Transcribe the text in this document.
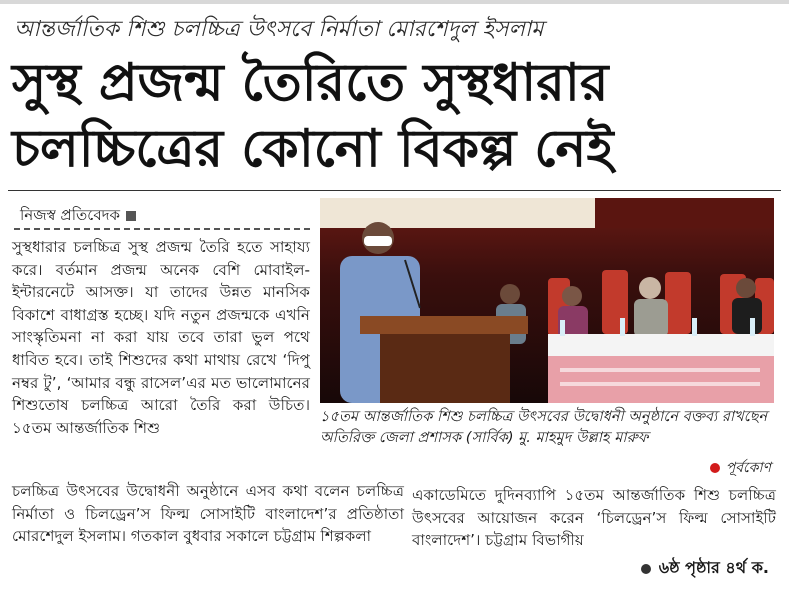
আন্তর্জাতিক শিশু চলচ্চিত্র উৎসবে নির্মাতা মোরশেদুল ইসলাম
সুস্থ প্রজন্ম তৈরিতে সুস্থধারার
চলচ্চিত্রের কোনো বিকল্প নেই
নিজস্ব প্রতিবেদক

সুস্থধারার চলচ্চিত্র সুস্থ প্রজন্ম তৈরি হতে সাহায্য করে। বর্তমান প্রজন্ম অনেক বেশি মোবাইল-ইন্টারনেটে আসক্ত। যা তাদের উন্নত মানসিক বিকাশে বাধাগ্রস্ত হচ্ছে। যদি নতুন প্রজন্মকে এখনি সাংস্কৃতিমনা না করা যায় তবে তারা ভুল পথে ধাবিত হবে। তাই শিশুদের কথা মাথায় রেখে ‘দিপু নম্বর টু’, ‘আমার বন্ধু রাসেল’এর মত ভালোমানের শিশুতোষ চলচ্চিত্র আরো তৈরি করা উচিত। ১৫তম আন্তর্জাতিক শিশু

১৫তম আন্তর্জাতিক শিশু চলচ্চিত্র উৎসবের উদ্বোধনী অনুষ্ঠানে বক্তব্য রাখছেন অতিরিক্ত জেলা প্রশাসক (সার্বিক) মু. মাহমুদ উল্লাহ মারুফ
পূর্বকোণ
চলচ্চিত্র উৎসবের উদ্বোধনী অনুষ্ঠানে এসব কথা বলেন চলচ্চিত্র নির্মাতা ও চিলড্রেন’স ফিল্ম সোসাইটি বাংলাদেশ’র প্রতিষ্ঠাতা মোরশেদুল ইসলাম। গতকাল বুধবার সকালে চট্টগ্রাম শিল্পকলা
একাডেমিতে দুদিনব্যাপি ১৫তম আন্তর্জাতিক শিশু চলচ্চিত্র উৎসবের আয়োজন করেন ‘চিলড্রেন’স ফিল্ম সোসাইটি বাংলাদেশ’। চট্টগ্রাম বিভাগীয়
৬ষ্ঠ পৃষ্ঠার ৪র্থ ক.
